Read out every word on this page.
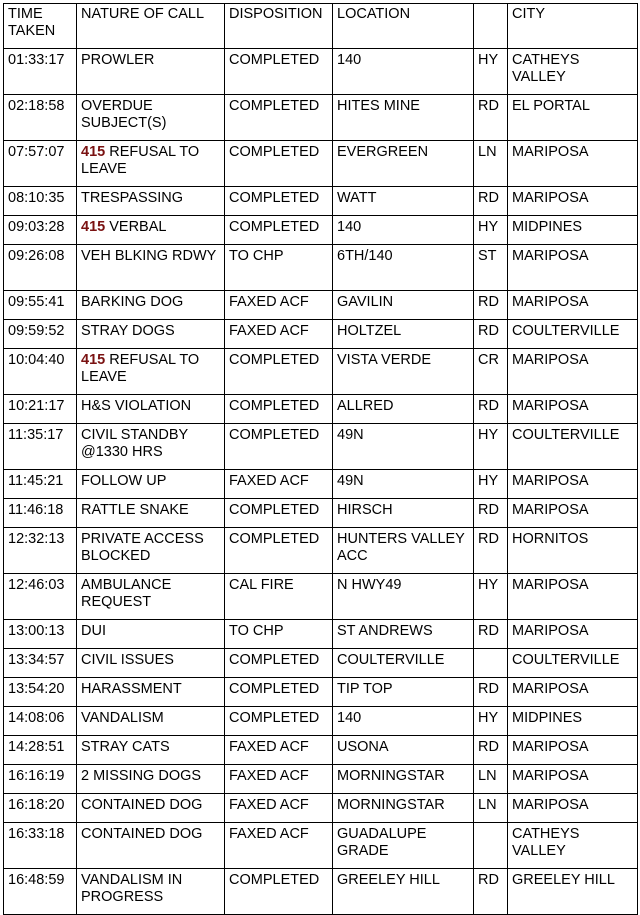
TIME TAKEN	NATURE OF CALL	DISPOSITION	LOCATION		CITY
01:33:17	PROWLER	COMPLETED	140	HY	CATHEYS VALLEY
02:18:58	OVERDUE SUBJECT(S)	COMPLETED	HITES MINE	RD	EL PORTAL
07:57:07	415 REFUSAL TO LEAVE	COMPLETED	EVERGREEN	LN	MARIPOSA
08:10:35	TRESPASSING	COMPLETED	WATT	RD	MARIPOSA
09:03:28	415 VERBAL	COMPLETED	140	HY	MIDPINES
09:26:08	VEH BLKING RDWY	TO CHP	6TH/140	ST	MARIPOSA
09:55:41	BARKING DOG	FAXED ACF	GAVILIN	RD	MARIPOSA
09:59:52	STRAY DOGS	FAXED ACF	HOLTZEL	RD	COULTERVILLE
10:04:40	415 REFUSAL TO LEAVE	COMPLETED	VISTA VERDE	CR	MARIPOSA
10:21:17	H&S VIOLATION	COMPLETED	ALLRED	RD	MARIPOSA
11:35:17	CIVIL STANDBY @1330 HRS	COMPLETED	49N	HY	COULTERVILLE
11:45:21	FOLLOW UP	FAXED ACF	49N	HY	MARIPOSA
11:46:18	RATTLE SNAKE	COMPLETED	HIRSCH	RD	MARIPOSA
12:32:13	PRIVATE ACCESS BLOCKED	COMPLETED	HUNTERS VALLEY ACC	RD	HORNITOS
12:46:03	AMBULANCE REQUEST	CAL FIRE	N HWY49	HY	MARIPOSA
13:00:13	DUI	TO CHP	ST ANDREWS	RD	MARIPOSA
13:34:57	CIVIL ISSUES	COMPLETED	COULTERVILLE		COULTERVILLE
13:54:20	HARASSMENT	COMPLETED	TIP TOP	RD	MARIPOSA
14:08:06	VANDALISM	COMPLETED	140	HY	MIDPINES
14:28:51	STRAY CATS	FAXED ACF	USONA	RD	MARIPOSA
16:16:19	2 MISSING DOGS	FAXED ACF	MORNINGSTAR	LN	MARIPOSA
16:18:20	CONTAINED DOG	FAXED ACF	MORNINGSTAR	LN	MARIPOSA
16:33:18	CONTAINED DOG	FAXED ACF	GUADALUPE GRADE		CATHEYS VALLEY
16:48:59	VANDALISM IN PROGRESS	COMPLETED	GREELEY HILL	RD	GREELEY HILL
